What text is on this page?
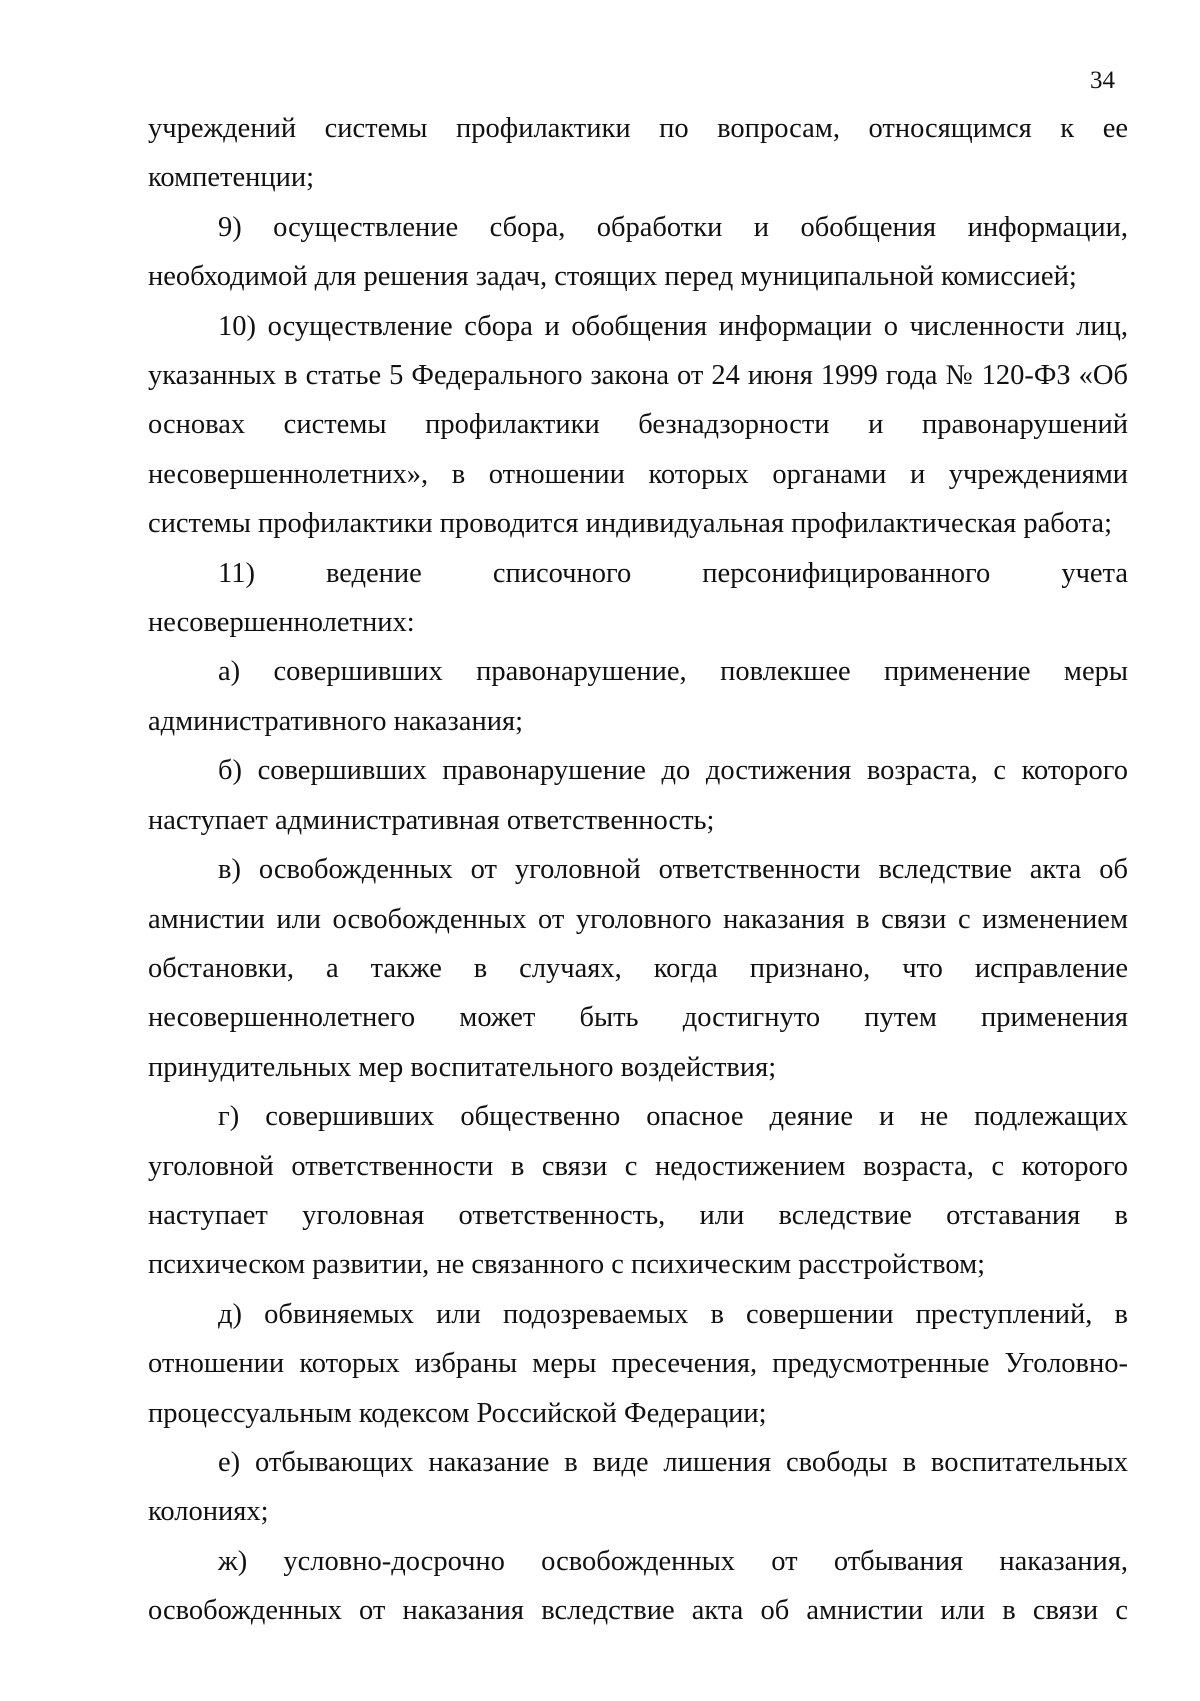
34

учреждений системы профилактики по вопросам, относящимся к ее компетенции;

9) осуществление сбора, обработки и обобщения информации, необходимой для решения задач, стоящих перед муниципальной комиссией;

10) осуществление сбора и обобщения информации о численности лиц, указанных в статье 5 Федерального закона от 24 июня 1999 года № 120-ФЗ «Об основах системы профилактики безнадзорности и правонарушений несовершеннолетних», в отношении которых органами и учреждениями системы профилактики проводится индивидуальная профилактическая работа;

11) ведение списочного персонифицированного учета несовершеннолетних:

а) совершивших правонарушение, повлекшее применение меры административного наказания;

б) совершивших правонарушение до достижения возраста, с которого наступает административная ответственность;

в) освобожденных от уголовной ответственности вследствие акта об амнистии или освобожденных от уголовного наказания в связи с изменением обстановки, а также в случаях, когда признано, что исправление несовершеннолетнего может быть достигнуто путем применения принудительных мер воспитательного воздействия;

г) совершивших общественно опасное деяние и не подлежащих уголовной ответственности в связи с недостижением возраста, с которого наступает уголовная ответственность, или вследствие отставания в психическом развитии, не связанного с психическим расстройством;

д) обвиняемых или подозреваемых в совершении преступлений, в отношении которых избраны меры пресечения, предусмотренные Уголовно-процессуальным кодексом Российской Федерации;

е) отбывающих наказание в виде лишения свободы в воспитательных колониях;

ж) условно-досрочно освобожденных от отбывания наказания, освобожденных от наказания вследствие акта об амнистии или в связи с
